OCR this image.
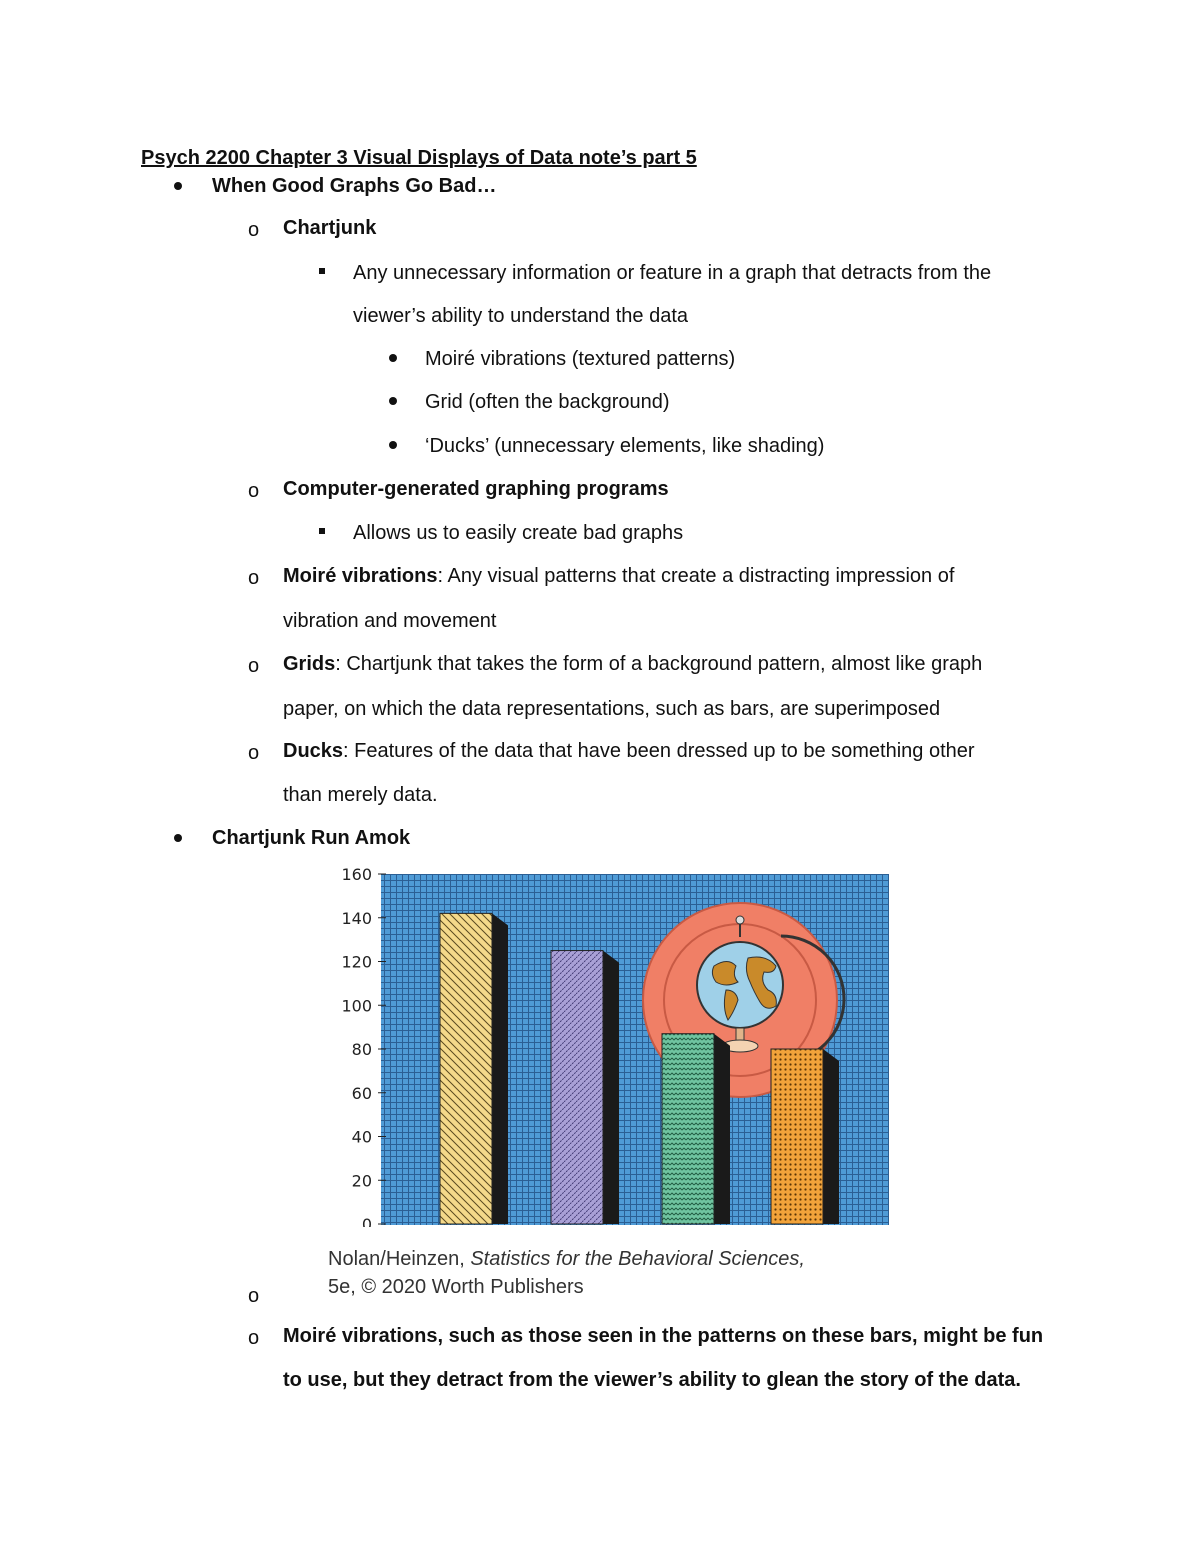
Psych 2200 Chapter 3 Visual Displays of Data note’s part 5
When Good Graphs Go Bad…
o Chartjunk
Any unnecessary information or feature in a graph that detracts from the
viewer’s ability to understand the data
Moiré vibrations (textured patterns)
Grid (often the background)
‘Ducks’ (unnecessary elements, like shading)
o Computer-generated graphing programs
Allows us to easily create bad graphs
o Moiré vibrations: Any visual patterns that create a distracting impression of
vibration and movement
o Grids: Chartjunk that takes the form of a background pattern, almost like graph
paper, on which the data representations, such as bars, are superimposed
o Ducks: Features of the data that have been dressed up to be something other
than merely data.
Chartjunk Run Amok
0
20
40
60
80
100
120
140
160
Nolan/Heinzen, Statistics for the Behavioral Sciences,
5e, © 2020 Worth Publishers
o
o Moiré vibrations, such as those seen in the patterns on these bars, might be fun
to use, but they detract from the viewer’s ability to glean the story of the data.
